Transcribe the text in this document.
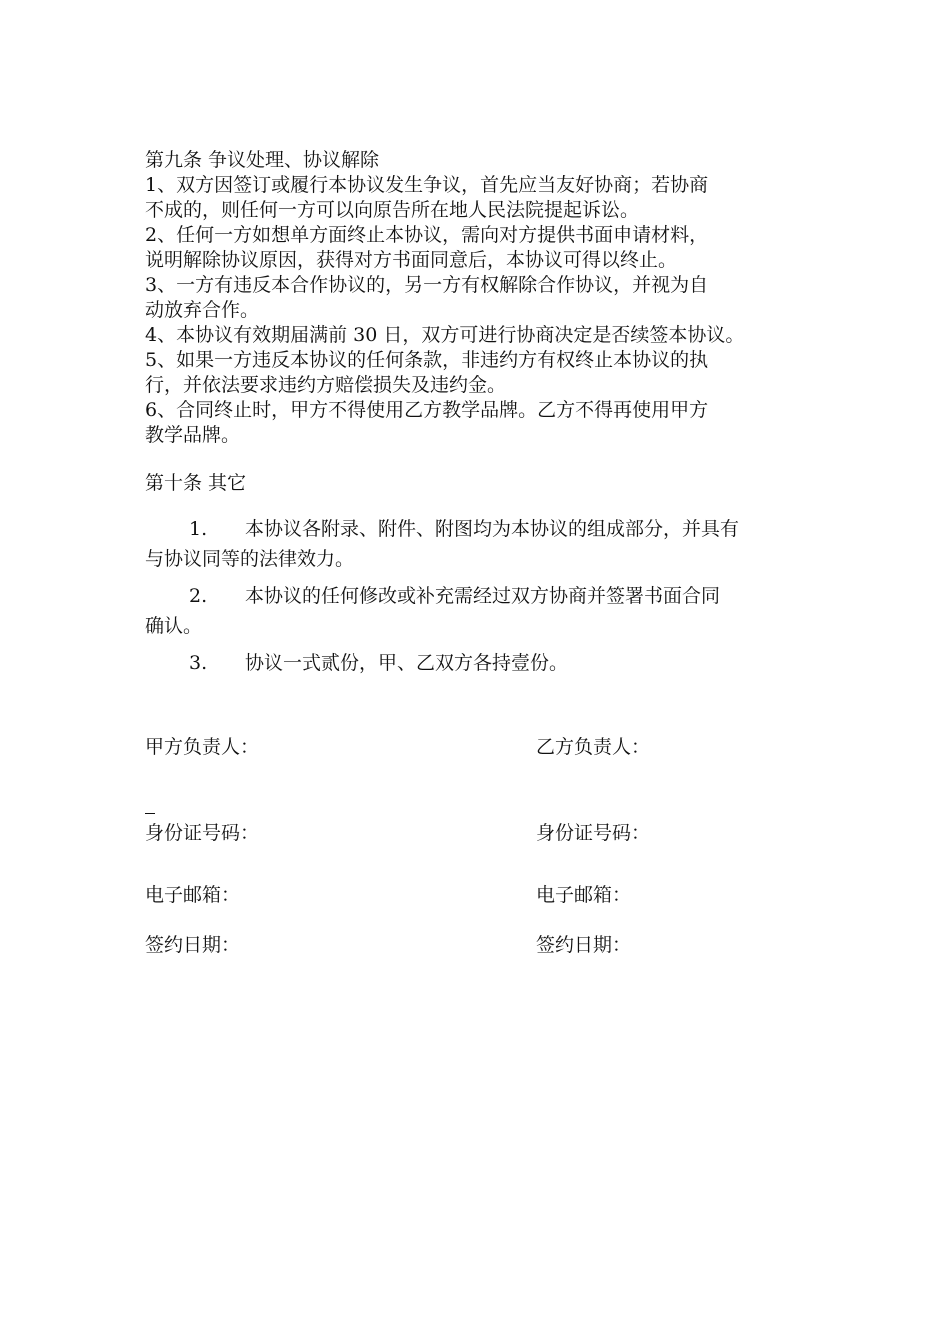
第九条 争议处理、协议解除
1、双方因签订或履行本协议发生争议，首先应当友好协商；若协商
不成的，则任何一方可以向原告所在地人民法院提起诉讼。
2、任何一方如想单方面终止本协议，需向对方提供书面申请材料，
说明解除协议原因，获得对方书面同意后，本协议可得以终止。
3、一方有违反本合作协议的，另一方有权解除合作协议，并视为自
动放弃合作。
4、本协议有效期届满前 30 日，双方可进行协商决定是否续签本协议。
5、如果一方违反本协议的任何条款，非违约方有权终止本协议的执
行，并依法要求违约方赔偿损失及违约金。
6、合同终止时，甲方不得使用乙方教学品牌。乙方不得再使用甲方
教学品牌。
第十条 其它
1.	本协议各附录、附件、附图均为本协议的组成部分，并具有
与协议同等的法律效力。
2.	本协议的任何修改或补充需经过双方协商并签署书面合同
确认。
3.	协议一式贰份，甲、乙双方各持壹份。
甲方负责人：	乙方负责人：
身份证号码：	身份证号码：
电子邮箱：	电子邮箱：
签约日期：	签约日期：
